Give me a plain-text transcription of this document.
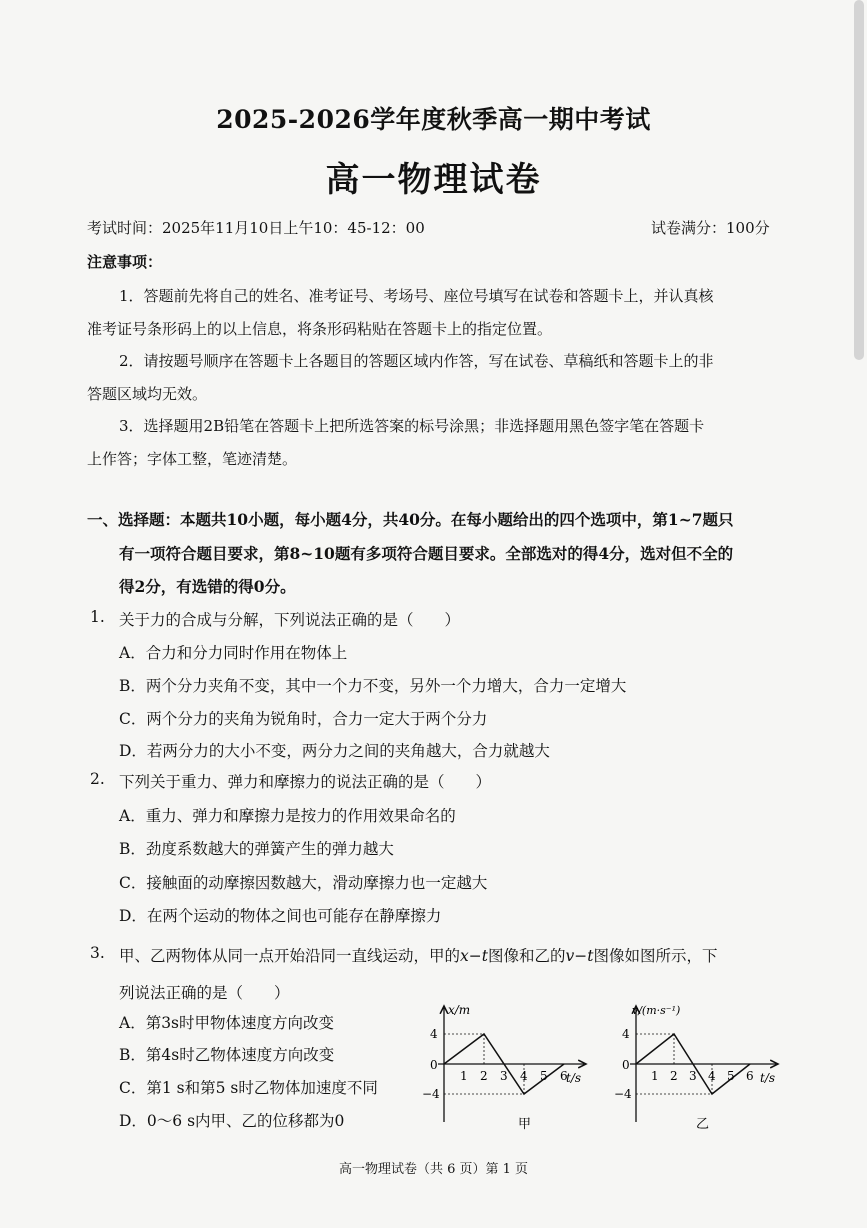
2025-2026学年度秋季高一期中考试
高一物理试卷
考试时间：2025年11月10日上午10：45-12：00	试卷满分：100分
注意事项：
1．答题前先将自己的姓名、准考证号、考场号、座位号填写在试卷和答题卡上，并认真核
准考证号条形码上的以上信息，将条形码粘贴在答题卡上的指定位置。
2．请按题号顺序在答题卡上各题目的答题区域内作答，写在试卷、草稿纸和答题卡上的非
答题区域均无效。
3．选择题用2B铅笔在答题卡上把所选答案的标号涂黑；非选择题用黑色签字笔在答题卡
上作答；字体工整，笔迹清楚。
一、选择题：本题共10小题，每小题4分，共40分。在每小题给出的四个选项中，第1~7题只
有一项符合题目要求，第8~10题有多项符合题目要求。全部选对的得4分，选对但不全的
得2分，有选错的得0分。
1. 关于力的合成与分解，下列说法正确的是（　　）
A．合力和分力同时作用在物体上
B．两个分力夹角不变，其中一个力不变，另外一个力增大，合力一定增大
C．两个分力的夹角为锐角时，合力一定大于两个分力
D．若两分力的大小不变，两分力之间的夹角越大，合力就越大
2. 下列关于重力、弹力和摩擦力的说法正确的是（　　）
A．重力、弹力和摩擦力是按力的作用效果命名的
B．劲度系数越大的弹簧产生的弹力越大
C．接触面的动摩擦因数越大，滑动摩擦力也一定越大
D．在两个运动的物体之间也可能存在静摩擦力
3. 甲、乙两物体从同一点开始沿同一直线运动，甲的x−t图像和乙的v−t图像如图所示，下
列说法正确的是（　　）
A．第3s时甲物体速度方向改变
B．第4s时乙物体速度方向改变
C．第1 s和第5 s时乙物体加速度不同
D．0～6 s内甲、乙的位移都为0
x/m
t/s
4
0
−4
1 2 3 4 5 6
甲
v/(m·s⁻¹)
t/s
4
0
−4
1 2 3 4 5 6
乙
高一物理试卷（共 6 页）第 1 页
